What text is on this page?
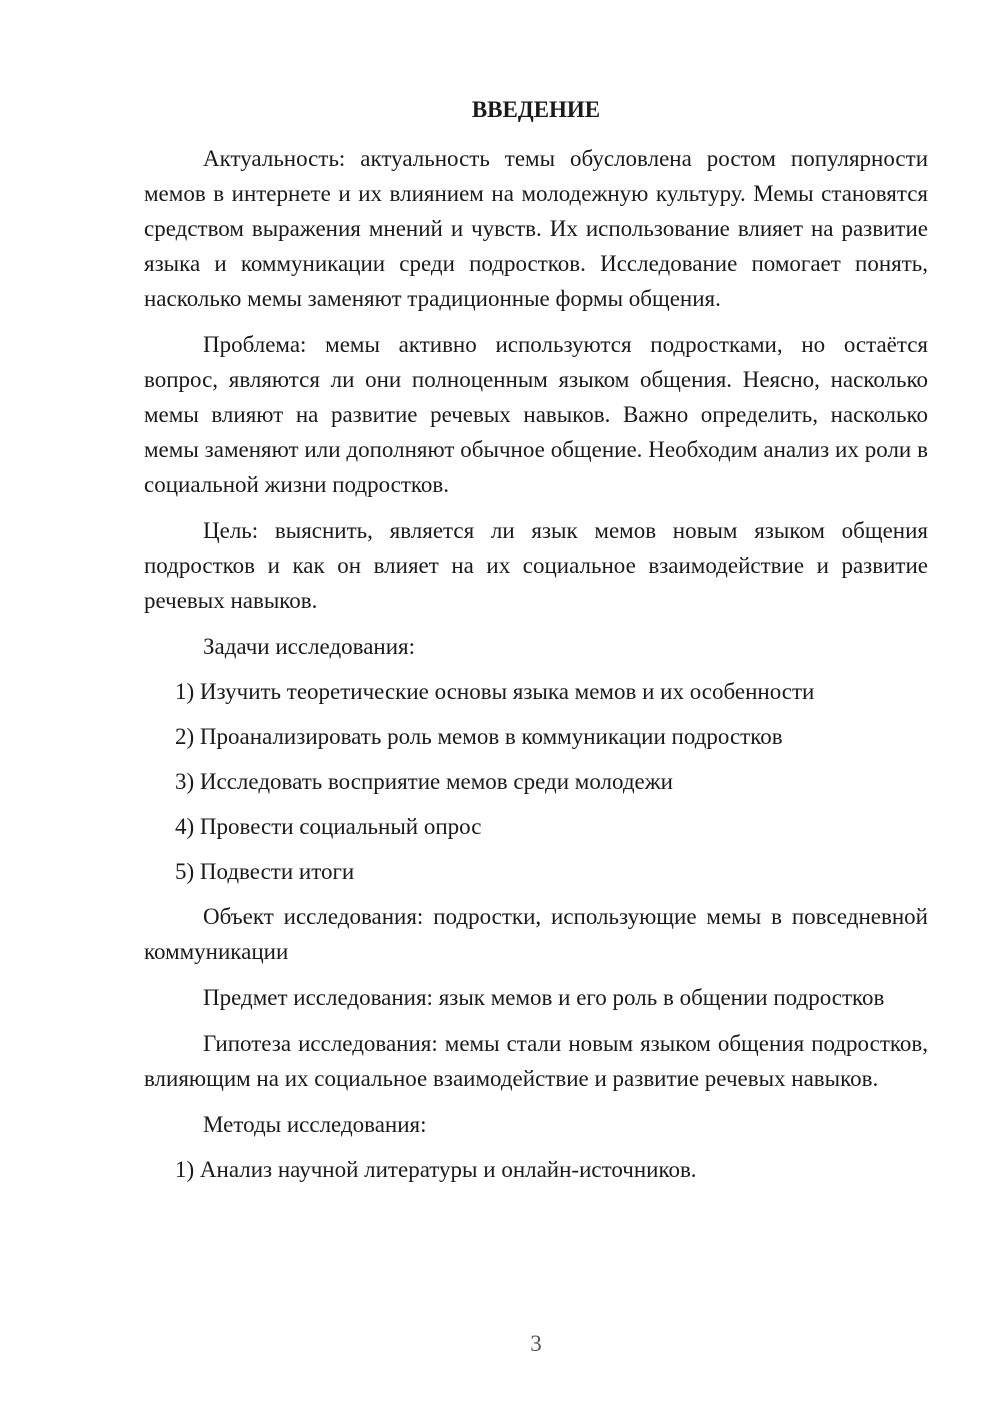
ВВЕДЕНИЕ

Актуальность: актуальность темы обусловлена ростом популярности мемов в интернете и их влиянием на молодежную культуру. Мемы становятся средством выражения мнений и чувств. Их использование влияет на развитие языка и коммуникации среди подростков. Исследование помогает понять, насколько мемы заменяют традиционные формы общения.

Проблема: мемы активно используются подростками, но остаётся вопрос, являются ли они полноценным языком общения. Неясно, насколько мемы влияют на развитие речевых навыков. Важно определить, насколько мемы заменяют или дополняют обычное общение. Необходим анализ их роли в социальной жизни подростков.

Цель: выяснить, является ли язык мемов новым языком общения подростков и как он влияет на их социальное взаимодействие и развитие речевых навыков.

Задачи исследования:

1) Изучить теоретические основы языка мемов и их особенности

2) Проанализировать роль мемов в коммуникации подростков

3) Исследовать восприятие мемов среди молодежи

4) Провести социальный опрос

5) Подвести итоги

Объект исследования: подростки, использующие мемы в повседневной коммуникации

Предмет исследования: язык мемов и его роль в общении подростков

Гипотеза исследования: мемы стали новым языком общения подростков, влияющим на их социальное взаимодействие и развитие речевых навыков.

Методы исследования:

1) Анализ научной литературы и онлайн-источников.

3
